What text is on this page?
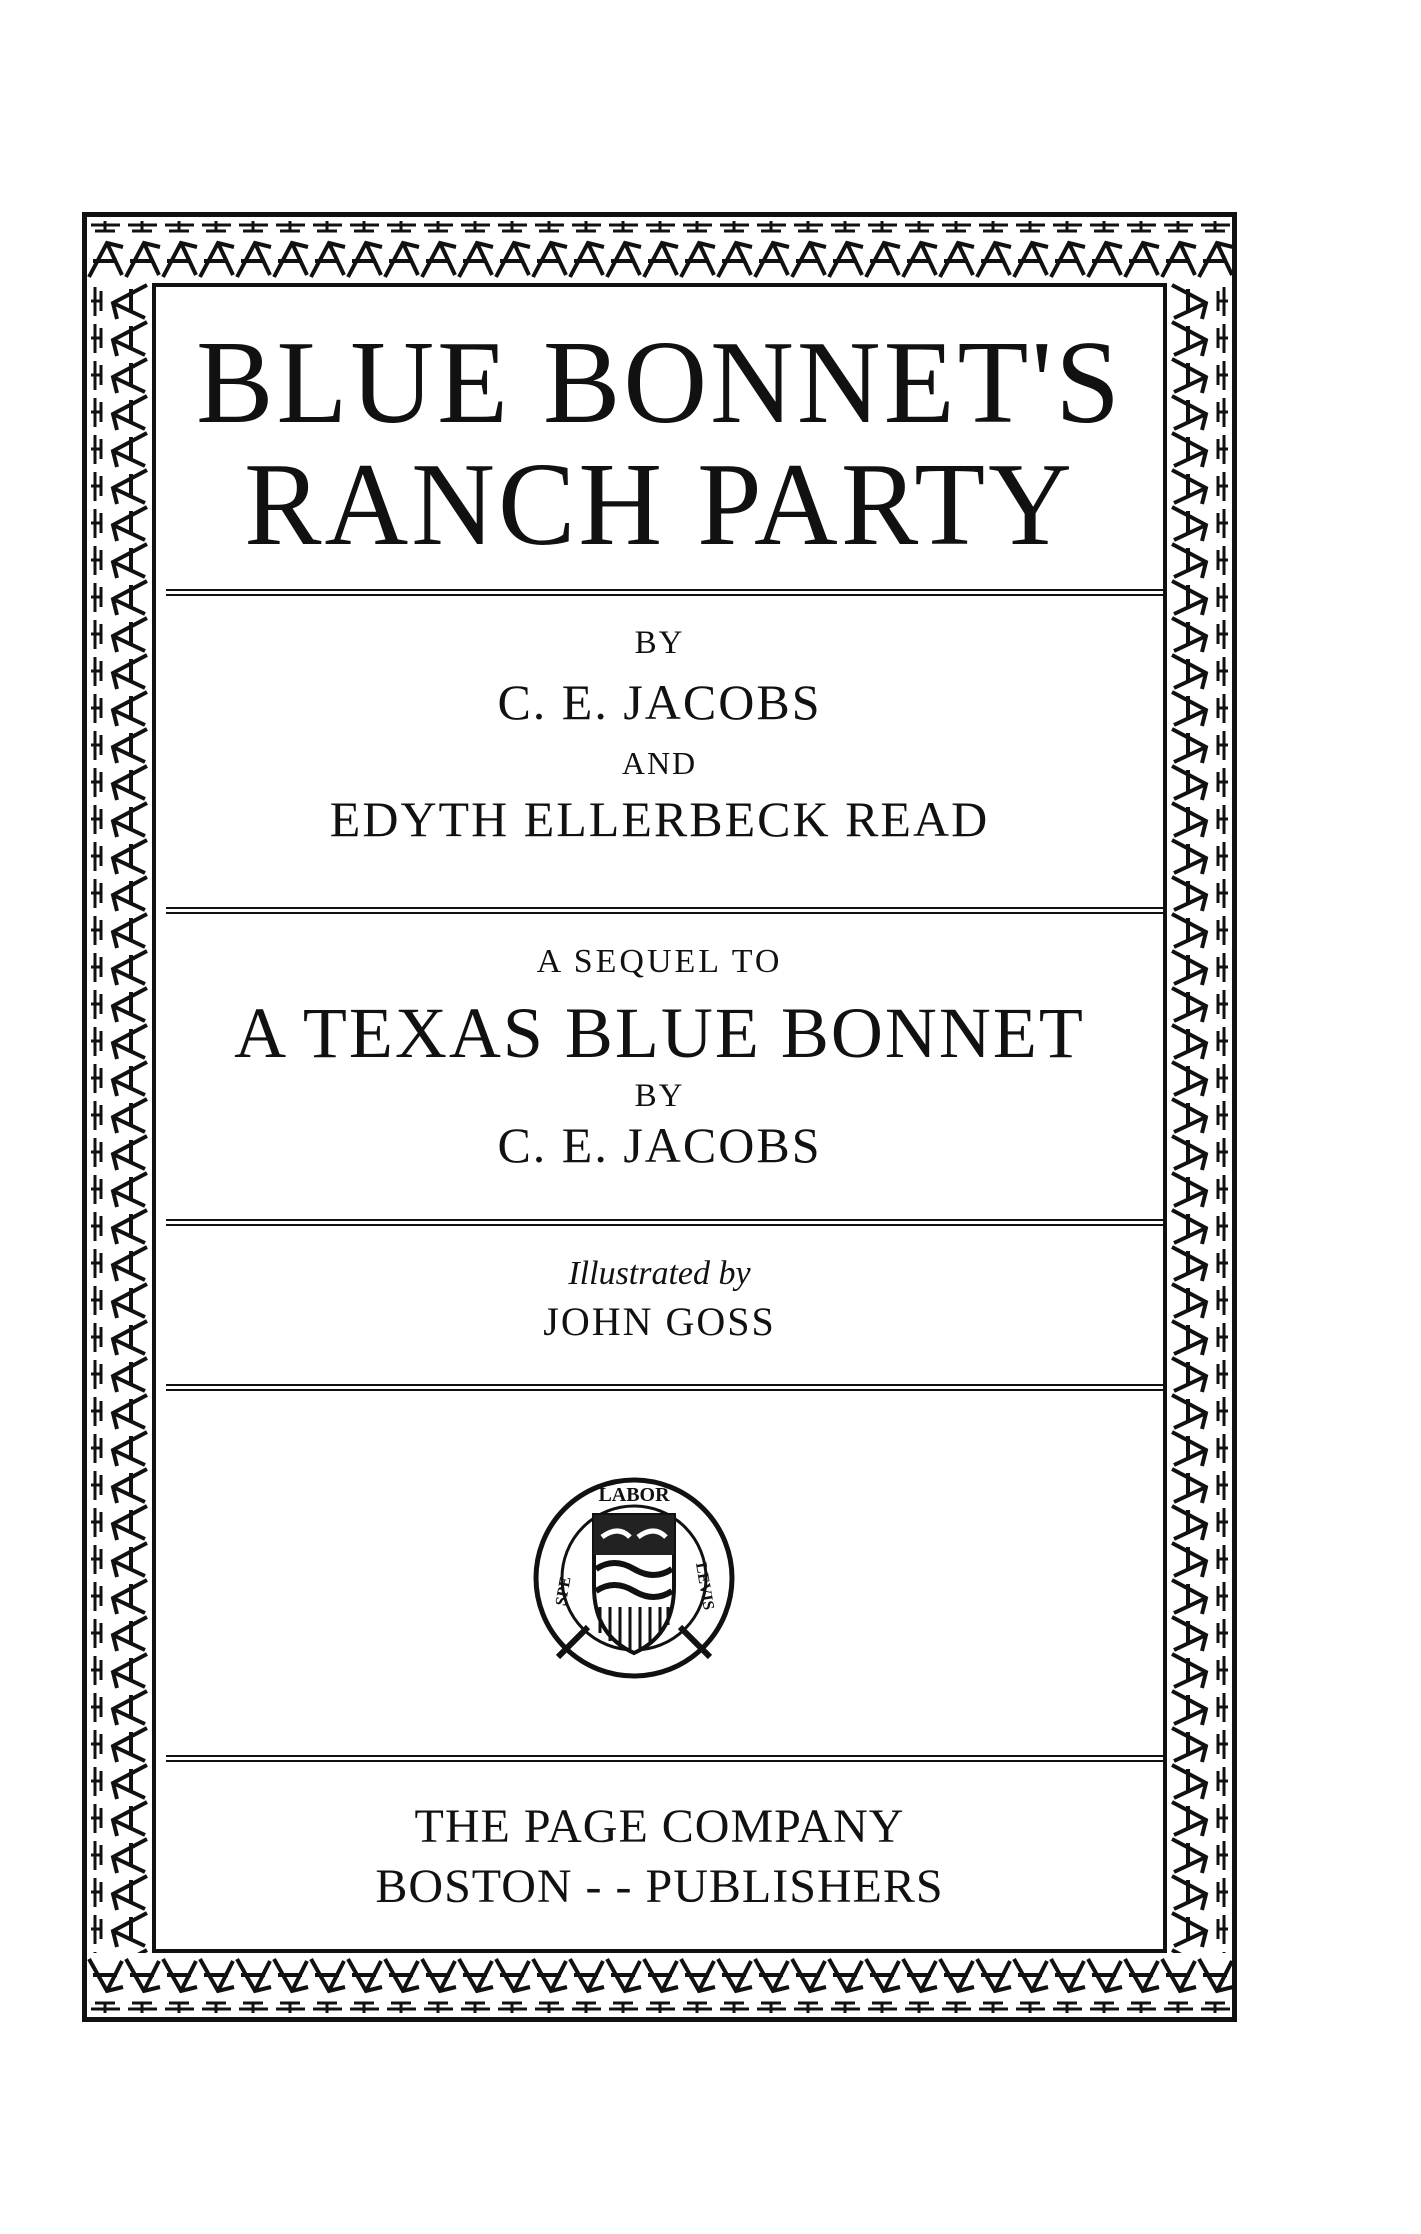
BLUE BONNET'S
RANCH PARTY
BY
C. E. JACOBS
AND
EDYTH ELLERBECK READ
A SEQUEL TO
A TEXAS BLUE BONNET
BY
C. E. JACOBS
Illustrated by
JOHN GOSS
LABOR
SPE	LEVIS
THE PAGE COMPANY
BOSTON - - PUBLISHERS
